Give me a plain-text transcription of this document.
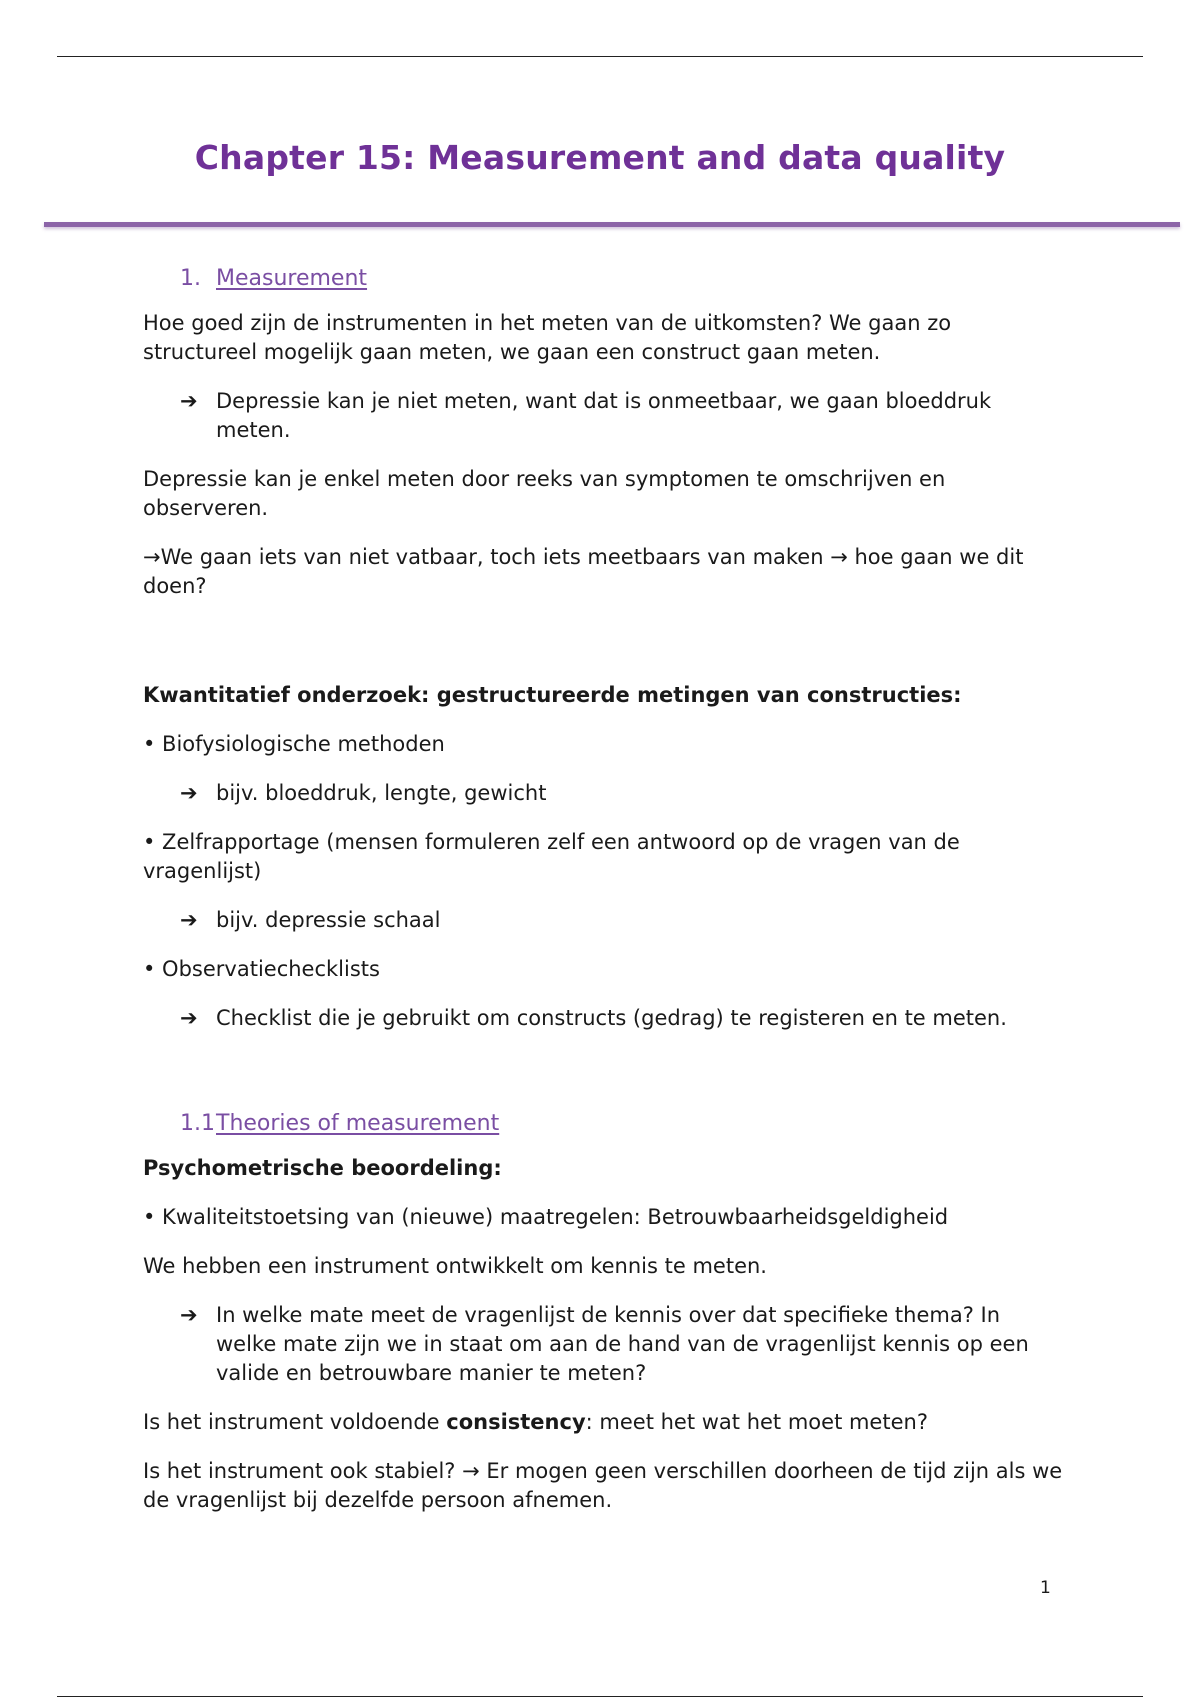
Chapter 15: Measurement and data quality
1. Measurement

Hoe goed zijn de instrumenten in het meten van de uitkomsten? We gaan zo structureel mogelijk gaan meten, we gaan een construct gaan meten.

➔ Depressie kan je niet meten, want dat is onmeetbaar, we gaan bloeddruk meten.

Depressie kan je enkel meten door reeks van symptomen te omschrijven en observeren.

→We gaan iets van niet vatbaar, toch iets meetbaars van maken → hoe gaan we dit doen?

Kwantitatief onderzoek: gestructureerde metingen van constructies:

• Biofysiologische methoden

➔ bijv. bloeddruk, lengte, gewicht

• Zelfrapportage (mensen formuleren zelf een antwoord op de vragen van de vragenlijst)

➔ bijv. depressie schaal

• Observatiechecklists

➔ Checklist die je gebruikt om constructs (gedrag) te registeren en te meten.
1.1Theories of measurement

Psychometrische beoordeling:

• Kwaliteitstoetsing van (nieuwe) maatregelen: Betrouwbaarheidsgeldigheid

We hebben een instrument ontwikkelt om kennis te meten.

➔ In welke mate meet de vragenlijst de kennis over dat specifieke thema? In welke mate zijn we in staat om aan de hand van de vragenlijst kennis op een valide en betrouwbare manier te meten?

Is het instrument voldoende consistency: meet het wat het moet meten?

Is het instrument ook stabiel? → Er mogen geen verschillen doorheen de tijd zijn als we de vragenlijst bij dezelfde persoon afnemen.

1
